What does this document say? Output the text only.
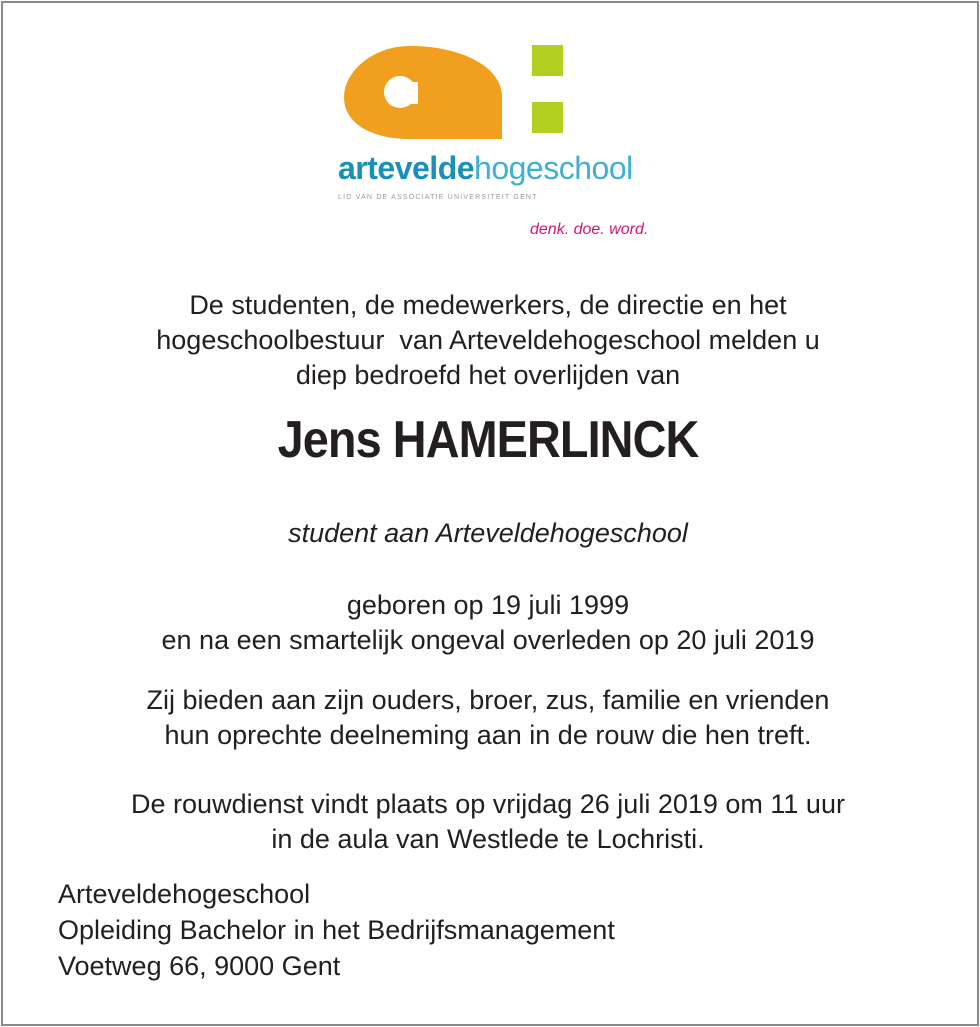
arteveldehogeschool
LID VAN DE ASSOCIATIE UNIVERSITEIT GENT
denk. doe. word.
De studenten, de medewerkers, de directie en het
hogeschoolbestuur  van Arteveldehogeschool melden u
diep bedroefd het overlijden van
Jens HAMERLINCK
student aan Arteveldehogeschool
geboren op 19 juli 1999
en na een smartelijk ongeval overleden op 20 juli 2019
Zij bieden aan zijn ouders, broer, zus, familie en vrienden
hun oprechte deelneming aan in de rouw die hen treft.
De rouwdienst vindt plaats op vrijdag 26 juli 2019 om 11 uur
in de aula van Westlede te Lochristi.
Arteveldehogeschool
Opleiding Bachelor in het Bedrijfsmanagement
Voetweg 66, 9000 Gent
